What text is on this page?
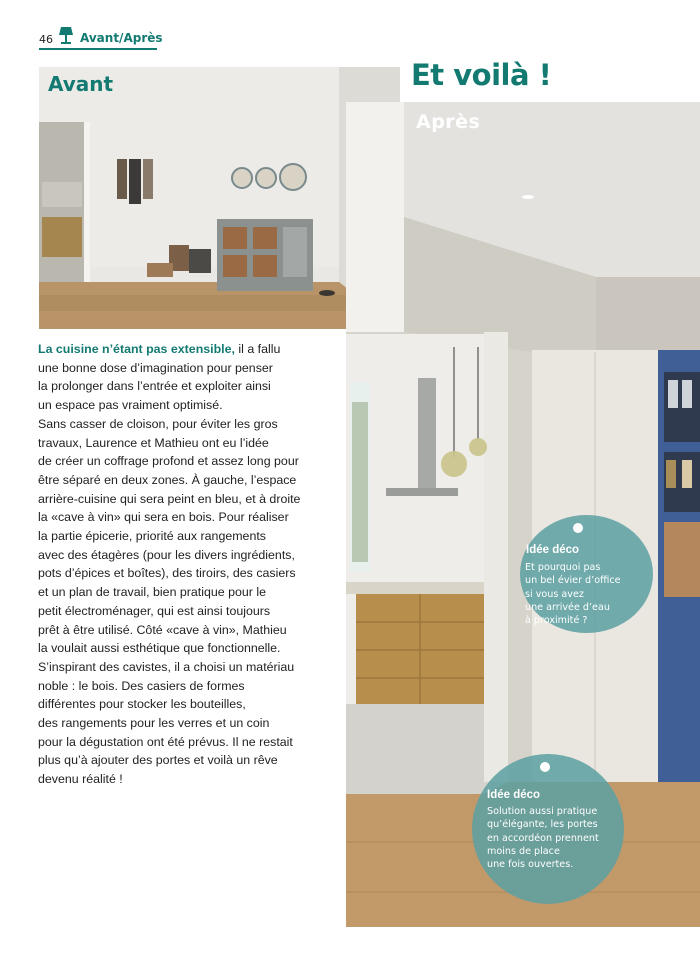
46 Avant/Après
Avant	Et voilà !
Après
La cuisine n’étant pas extensible, il a fallu
une bonne dose d’imagination pour penser
la prolonger dans l’entrée et exploiter ainsi
un espace pas vraiment optimisé.
Sans casser de cloison, pour éviter les gros
travaux, Laurence et Mathieu ont eu l’idée
de créer un coffrage profond et assez long pour
être séparé en deux zones. À gauche, l’espace
arrière-cuisine qui sera peint en bleu, et à droite
la «cave à vin» qui sera en bois. Pour réaliser
la partie épicerie, priorité aux rangements
avec des étagères (pour les divers ingrédients,
pots d’épices et boîtes), des tiroirs, des casiers
et un plan de travail, bien pratique pour le
petit électroménager, qui est ainsi toujours
prêt à être utilisé. Côté «cave à vin», Mathieu
la voulait aussi esthétique que fonctionnelle.
S’inspirant des cavistes, il a choisi un matériau
noble : le bois. Des casiers de formes
différentes pour stocker les bouteilles,
des rangements pour les verres et un coin
pour la dégustation ont été prévus. Il ne restait
plus qu’à ajouter des portes et voilà un rêve
devenu réalité !
Idée déco
Et pourquoi pas
un bel évier d’office
si vous avez
une arrivée d’eau
à proximité ?
Idée déco
Solution aussi pratique
qu’élégante, les portes
en accordéon prennent
moins de place
une fois ouvertes.
